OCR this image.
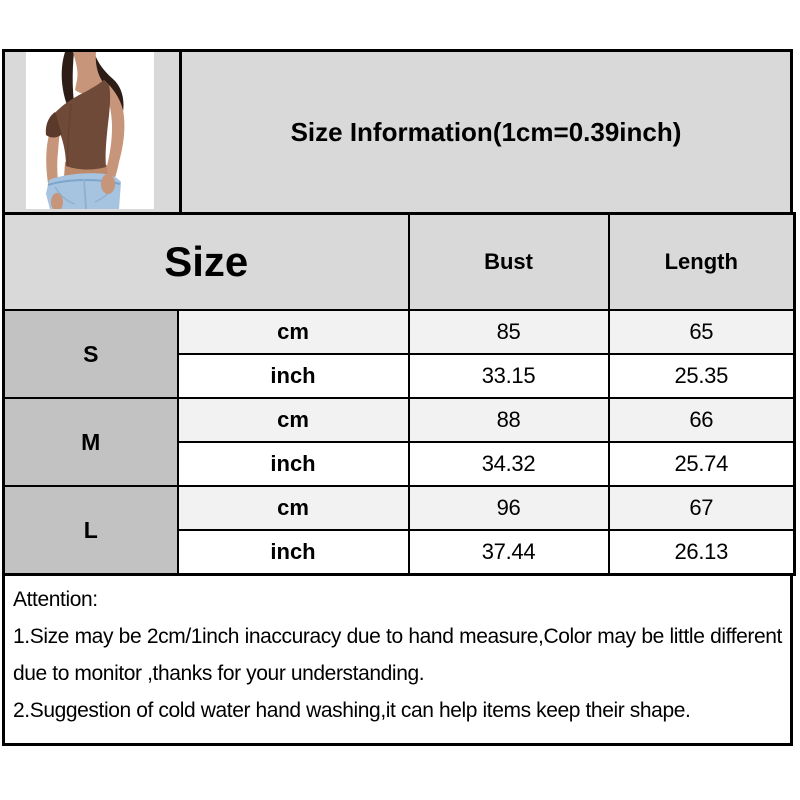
Size Information(1cm=0.39inch)
Size		Bust	Length
S	cm	85	65
	inch	33.15	25.35
M	cm	88	66
	inch	34.32	25.74
L	cm	96	67
	inch	37.44	26.13

Attention:

1.Size may be 2cm/1inch inaccuracy due to hand measure,Color may be little different due to monitor ,thanks for your understanding.

2.Suggestion of cold water hand washing,it can help items keep their shape.
